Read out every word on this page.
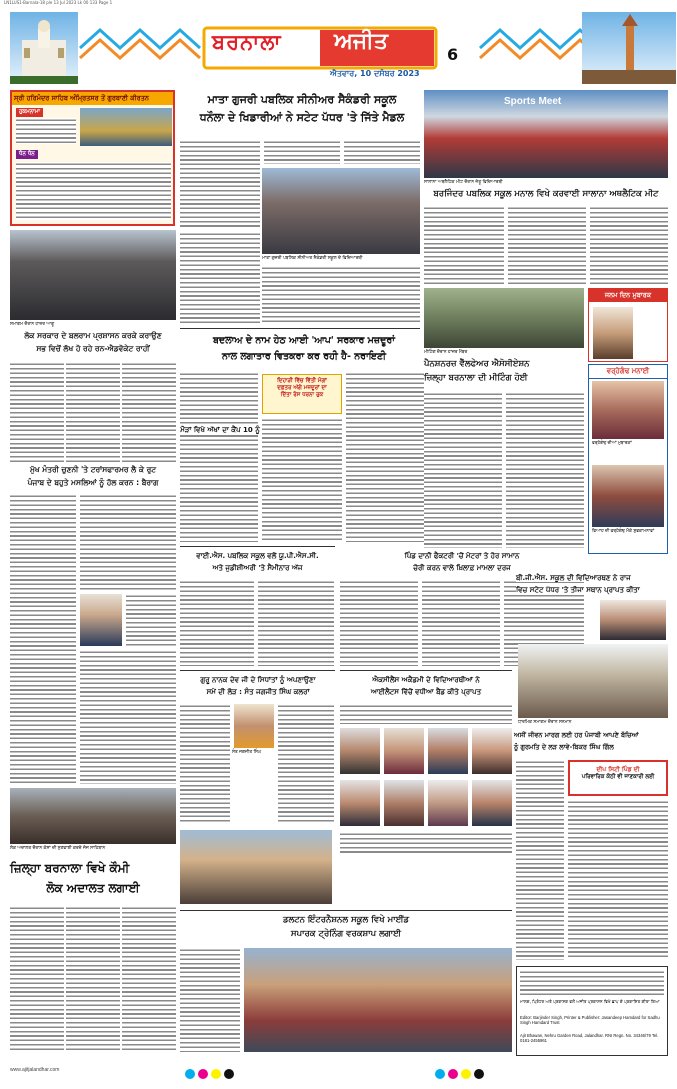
LN1LUS1-Barnala-18 ple 13 Jul 2023 Lk 00 133 Page 1
ਬਰਨਾਲਾ ਅਜੀਤ
ਅਜੀਤ ਬਠਿੰਡਾ
ਐਤਵਾਰ, 10 ਦਸੰਬਰ 2023
6
ਸ੍ਰੀ ਹਰਿਮੰਦਰ ਸਾਹਿਬ ਅੰਮ੍ਰਿਤਸਰ ਤੋਂ ਗੁਰਬਾਣੀ ਕੀਰਤਨ
ਹੁਕਮਨਾਮਾ
ਧੰਨ ਧੰਨ
ਮਾਤਾ ਗੁਜਰੀ ਪਬਲਿਕ ਸੀਨੀਅਰ ਸੈਕੰਡਰੀ ਸਕੂਲ
ਧਨੌਲਾ ਦੇ ਖਿਡਾਰੀਆਂ ਨੇ ਸਟੇਟ ਪੱਧਰ 'ਤੇ ਜਿੱਤੇ ਮੈਡਲ
ਮਾਤਾ ਗੁਜਰੀ ਪਬਲਿਕ ਸੀਨੀਅਰ ਸੈਕੰਡਰੀ ਸਕੂਲ ਦੇ ਵਿਦਿਆਰਥੀ
Sports Meet
ਸਾਲਾਨਾ ਅਥਲੈਟਿਕ ਮੀਟ ਦੌਰਾਨ ਜੇਤੂ ਵਿਦਿਆਰਥੀ
ਬਰਜਿੰਦਰ ਪਬਲਿਕ ਸਕੂਲ ਮਨਾਲ ਵਿਖੇ ਕਰਵਾਈ ਸਾਲਾਨਾ ਅਥਲੈਟਿਕ ਮੀਟ
ਸਮਾਗਮ ਦੌਰਾਨ ਹਾਜ਼ਰ ਆਗੂ
ਲੋਕ ਸਰਕਾਰ ਦੇ ਬਲਰਾਮ ਪ੍ਰਸ਼ਾਸਨ ਕਰਕੇ ਕਰਾਉਣ
ਸਭ ਵਿਚੋਂ ਲੱਖ ਹੋ ਰਹੇ ਰਨ-ਐਡਵੋਕੇਟ ਰਾਹੀਂ
ਮੁੱਖ ਮੰਤਰੀ ਚੁਣਨੀ 'ਤੇ ਟਰਾਂਸਫਾਰਮਰ ਲੈ ਕੇ ਰੁਟ
ਪੰਜਾਬ ਦੇ ਬਹੁਤੇ ਮਸਲਿਆਂ ਨੂੰ ਹੱਲ ਕਰਨ : ਬੈਰਾਗ
ਬਦਲਾਅ ਦੇ ਨਾਮ ਹੇਠ ਆਈ 'ਆਪ' ਸਰਕਾਰ ਮਜ਼ਦੂਰਾਂ
ਨਾਲ ਲਗਾਤਾਰ ਵਿਤਕਰਾ ਕਰ ਰਹੀ ਹੈ- ਨਰਾਇਣੀ
ਦਿਹਾੜੀ ਵਿੱਚ ਵਿੱਤੀ ਮੰਗਾਂ
ਦਫ਼ਤਰ ਅੱਗੇ ਮਜ਼ਦੂਰਾਂ ਦਾ
ਦਿੱਤਾ ਰੋਸ ਧਰਨਾ ਰੁਕ
ਮੌੜਾਂ ਵਿਖੇ ਅੱਖਾਂ ਦਾ ਕੈਂਪ 10 ਨੂੰ
ਮੀਟਿੰਗ ਦੌਰਾਨ ਹਾਜ਼ਰ ਮੈਂਬਰ
ਪੈਨਸ਼ਨਰਜ਼ ਵੈੱਲਫੇਅਰ ਐਸੋਸੀਏਸ਼ਨ
ਜ਼ਿਲ੍ਹਾ ਬਰਨਾਲਾ ਦੀ ਮੀਟਿੰਗ ਹੋਈ
ਜਨਮ ਦਿਨ ਮੁਬਾਰਕ
ਵਰ੍ਹੇਗੰਢ ਮਨਾਈ
ਵਰ੍ਹੇਗੰਢ ਦੀਆਂ ਮੁਬਾਰਕਾਂ
ਵਿਆਹ ਦੀ ਵਰ੍ਹੇਗੰਢ ਮੌਕੇ ਸ਼ੁਭਕਾਮਨਾਵਾਂ
ਵਾਈ.ਐਸ. ਪਬਲਿਕ ਸਕੂਲ ਵਲੋਂ ਯੂ.ਪੀ.ਐਸ.ਸੀ.
ਅਤੇ ਜੁਡੀਸ਼ੀਅਰੀ 'ਤੇ ਸੈਮੀਨਾਰ ਅੱਜ
ਪਿੰਡ ਦਾਨੀ ਫੈਕਟਰੀ 'ਚੋਂ ਮੋਟਰਾਂ ਤੇ ਹੋਰ ਸਾਮਾਨ
ਚੋਰੀ ਕਰਨ ਵਾਲੇ ਖ਼ਿਲਾਫ਼ ਮਾਮਲਾ ਦਰਜ
ਬੀ.ਜੀ.ਐਸ. ਸਕੂਲ ਦੀ ਵਿਦਿਆਰਥਣ ਨੇ ਰਾਜ
ਵਿਚ ਸਟੇਟ ਪੱਧਰ 'ਤੇ ਤੀਜਾ ਸਥਾਨ ਪ੍ਰਾਪਤ ਕੀਤਾ
ਗੁਰੂ ਨਾਨਕ ਦੇਵ ਜੀ ਦੇ ਸਿਧਾਂਤਾਂ ਨੂੰ ਅਪਣਾਉਣਾ
ਸਮੇਂ ਦੀ ਲੋੜ : ਸੰਤ ਜਗਜੀਤ ਸਿੰਘ ਕਲਰਾਂ
ਸੰਤ ਜਗਜੀਤ ਸਿੰਘ
ਐਕਸੀਲੈਂਸ ਅਕੈਡਮੀ ਦੇ ਵਿਦਿਆਰਥੀਆਂ ਨੇ
ਆਈਲੈਟਸ ਵਿੱਚੋਂ ਵਧੀਆ ਬੈਂਡ ਕੀਤੇ ਪ੍ਰਾਪਤ
ਧਾਰਮਿਕ ਸਮਾਗਮ ਦੌਰਾਨ ਸਨਮਾਨ
ਅਸੀਂ ਜੀਵਨ ਮਾਰਗ ਲਈ ਹਰ ਪੰਜਾਬੀ ਆਪਣੇ ਬੱਚਿਆਂ
ਨੂੰ ਗੁਰਮਤਿ ਦੇ ਲੜ ਲਾਵੇ-ਬਿਕਰ ਸਿੰਘ ਗਿੱਲ
ਦੀਪ ਸਿਟੀ ਪਿੰਡ ਦੀ
ਪਰਿਵਾਰਿਕ ਕੋਠੀ ਵੀ ਜਾਣਕਾਰੀ ਲਈ
ਲੋਕ ਅਦਾਲਤ ਦੌਰਾਨ ਕੇਸਾਂ ਦੀ ਸੁਣਵਾਈ ਕਰਦੇ ਜੱਜ ਸਾਹਿਬਾਨ
ਜ਼ਿਲ੍ਹਾ ਬਰਨਾਲਾ ਵਿਖੇ ਕੌਮੀ
ਲੋਕ ਅਦਾਲਤ ਲਗਾਈ
ਡਲਟਨ ਇੰਟਰਨੈਸ਼ਨਲ ਸਕੂਲ ਵਿਖੇ ਮਾਈਂਡ
ਸਪਾਰਕ ਟ੍ਰੇਨਿੰਗ ਵਰਕਸ਼ਾਪ ਲਗਾਈ
ਮਾਲਕ, ਪ੍ਰਿੰਟਰ ਅਤੇ ਪ੍ਰਕਾਸ਼ਕ ਵਲੋਂ ਅਜੀਤ ਪ੍ਰਕਾਸ਼ਨ ਵਿਖੇ ਛਾਪ ਕੇ ਪ੍ਰਕਾਸ਼ਿਤ ਕੀਤਾ ਗਿਆ
Editor: Barjinder Singh, Printer & Publisher: Jasandeep Hamdard for Sadhu Singh Hamdard Trust
Ajit Bhawan, Nehru Garden Road, Jalandhar. RNI Regn. No. 34346/79 Tel. 0181-2455961
www.ajitjalandhar.com
